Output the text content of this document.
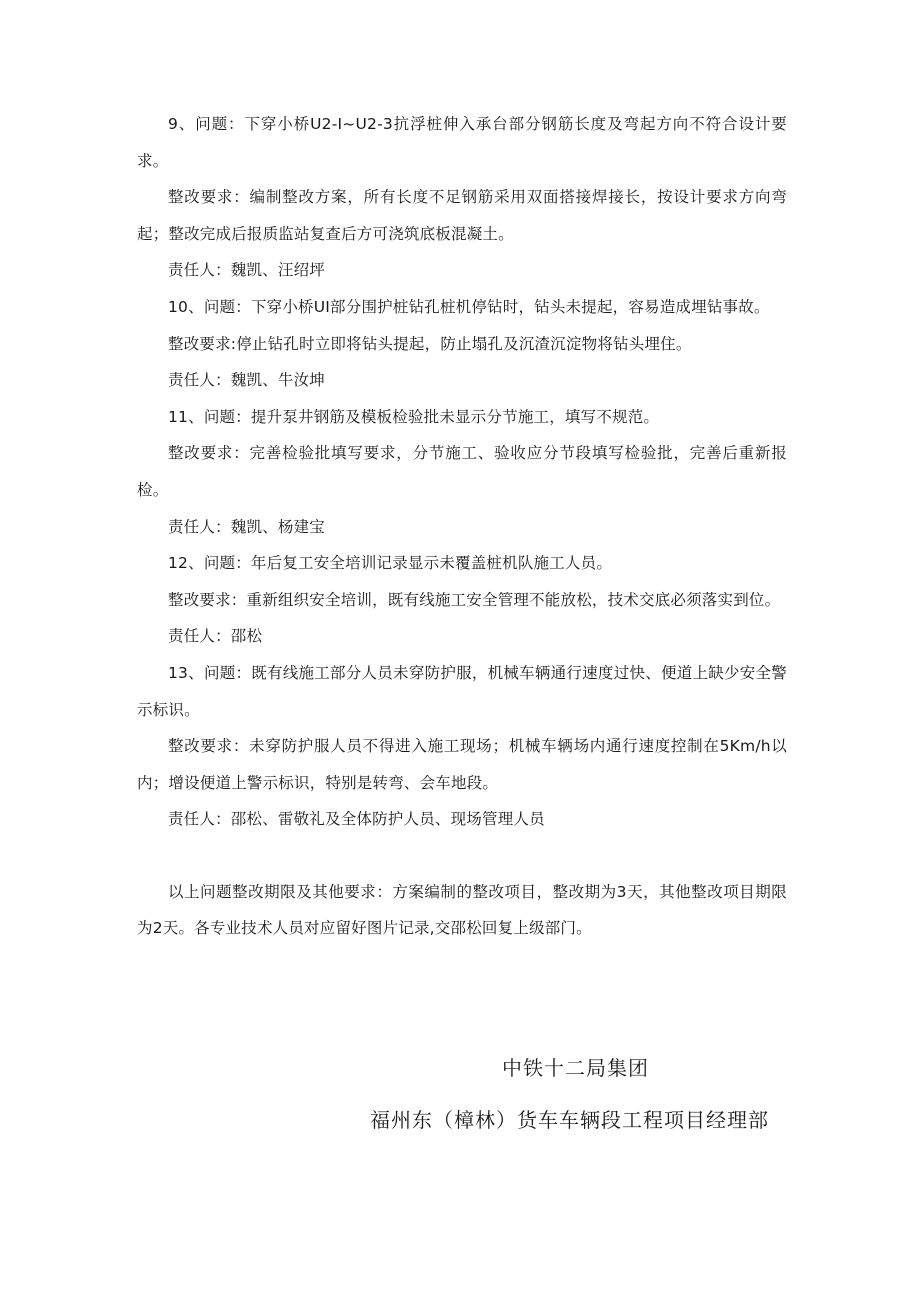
9、问题：下穿小桥U2-I~U2-3抗浮桩伸入承台部分钢筋长度及弯起方向不符合设计要求。

整改要求：编制整改方案，所有长度不足钢筋采用双面搭接焊接长，按设计要求方向弯起；整改完成后报质监站复查后方可浇筑底板混凝土。

责任人：魏凯、汪绍坪

10、问题：下穿小桥UI部分围护桩钻孔桩机停钻时，钻头未提起，容易造成埋钻事故。

整改要求:停止钻孔时立即将钻头提起，防止塌孔及沉渣沉淀物将钻头埋住。

责任人：魏凯、牛汝坤

11、问题：提升泵井钢筋及模板检验批未显示分节施工，填写不规范。

整改要求：完善检验批填写要求，分节施工、验收应分节段填写检验批，完善后重新报检。

责任人：魏凯、杨建宝

12、问题：年后复工安全培训记录显示未覆盖桩机队施工人员。

整改要求：重新组织安全培训，既有线施工安全管理不能放松，技术交底必须落实到位。

责任人：邵松

13、问题：既有线施工部分人员未穿防护服，机械车辆通行速度过快、便道上缺少安全警示标识。

整改要求：未穿防护服人员不得进入施工现场；机械车辆场内通行速度控制在5Km/h以内；增设便道上警示标识，特别是转弯、会车地段。

责任人：邵松、雷敬礼及全体防护人员、现场管理人员

以上问题整改期限及其他要求：方案编制的整改项目，整改期为3天，其他整改项目期限为2天。各专业技术人员对应留好图片记录,交邵松回复上级部门。

中铁十二局集团
福州东（樟林）货车车辆段工程项目经理部
